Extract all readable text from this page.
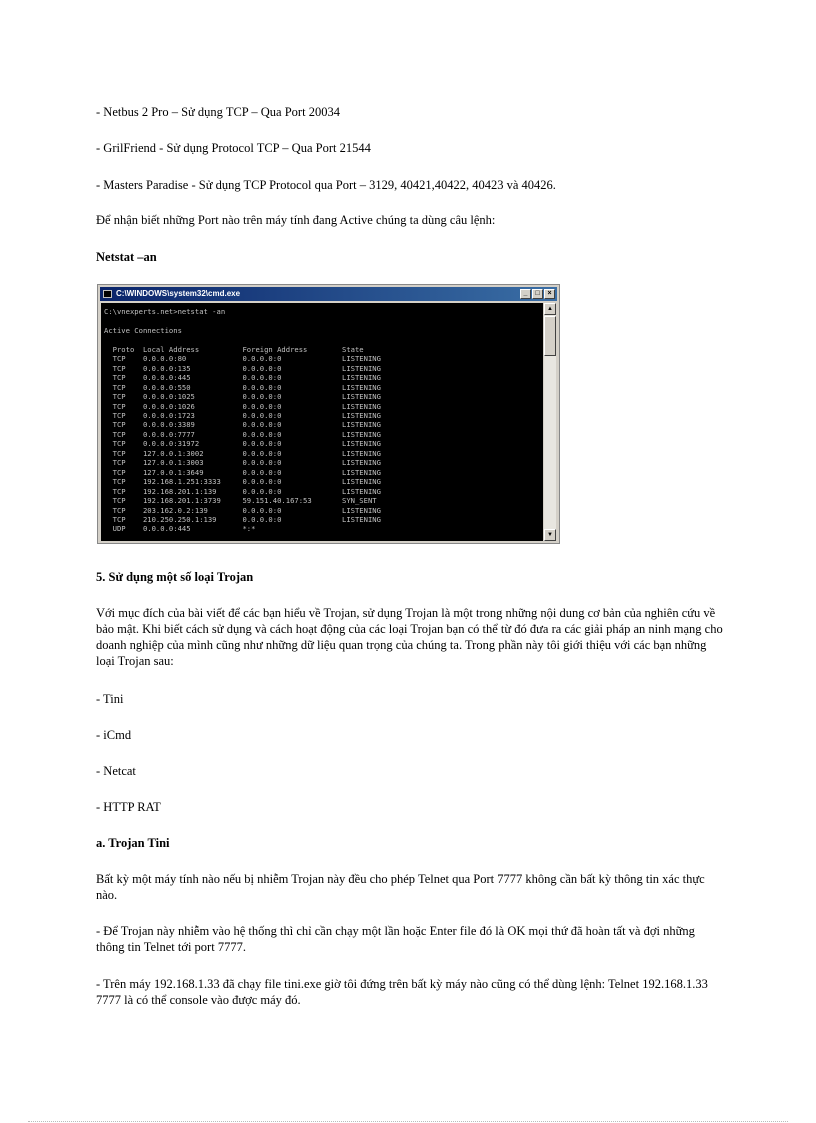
- Netbus 2 Pro – Sử dụng TCP – Qua Port 20034
- GrilFriend - Sử dụng Protocol TCP – Qua Port 21544
- Masters Paradise - Sử dụng TCP Protocol qua Port – 3129, 40421,40422, 40423 và 40426.
Để nhận biết những Port nào trên máy tính đang Active chúng ta dùng câu lệnh:
Netstat –an
C:\WINDOWS\system32\cmd.exe	_	□	×
C:\vnexperts.net>netstat -an

Active Connections

Proto  Local Address          Foreign Address        State
TCP    0.0.0.0:80             0.0.0.0:0              LISTENING
TCP    0.0.0.0:135            0.0.0.0:0              LISTENING
TCP    0.0.0.0:445            0.0.0.0:0              LISTENING
TCP    0.0.0.0:550            0.0.0.0:0              LISTENING
TCP    0.0.0.0:1025           0.0.0.0:0              LISTENING
TCP    0.0.0.0:1026           0.0.0.0:0              LISTENING
TCP    0.0.0.0:1723           0.0.0.0:0              LISTENING
TCP    0.0.0.0:3389           0.0.0.0:0              LISTENING
TCP    0.0.0.0:7777           0.0.0.0:0              LISTENING
TCP    0.0.0.0:31972          0.0.0.0:0              LISTENING
TCP    127.0.0.1:3002         0.0.0.0:0              LISTENING
TCP    127.0.0.1:3003         0.0.0.0:0              LISTENING
TCP    127.0.0.1:3649         0.0.0.0:0              LISTENING
TCP    192.168.1.251:3333     0.0.0.0:0              LISTENING
TCP    192.168.201.1:139      0.0.0.0:0              LISTENING
TCP    192.168.201.1:3739     59.151.40.167:53       SYN_SENT
TCP    203.162.0.2:139        0.0.0.0:0              LISTENING
TCP    210.250.250.1:139      0.0.0.0:0              LISTENING
UDP    0.0.0.0:445            *:*
▲
▼
5. Sử dụng một số loại Trojan
Với mục đích của bài viết để các bạn hiểu về Trojan, sử dụng Trojan là một trong những nội dung cơ bản của nghiên cứu về bảo mật. Khi biết cách sử dụng và cách hoạt động của các loại Trojan bạn có thể từ đó đưa ra các giải pháp an ninh mạng cho doanh nghiệp của mình cũng như những dữ liệu quan trọng của chúng ta. Trong phần này tôi giới thiệu với các bạn những loại Trojan sau:
- Tini
- iCmd
- Netcat
- HTTP RAT
a. Trojan Tini
Bất kỳ một máy tính nào nếu bị nhiễm Trojan này đều cho phép Telnet qua Port 7777 không cần bất kỳ thông tin xác thực nào.
- Để Trojan này nhiễm vào hệ thống thì chỉ cần chạy một lần hoặc Enter file đó là OK mọi thứ đã hoàn tất và đợi những thông tin Telnet tới port 7777.
- Trên máy 192.168.1.33 đã chạy file tini.exe giờ tôi đứng trên bất kỳ máy nào cũng có thể dùng lệnh: Telnet 192.168.1.33 7777 là có thể console vào được máy đó.
